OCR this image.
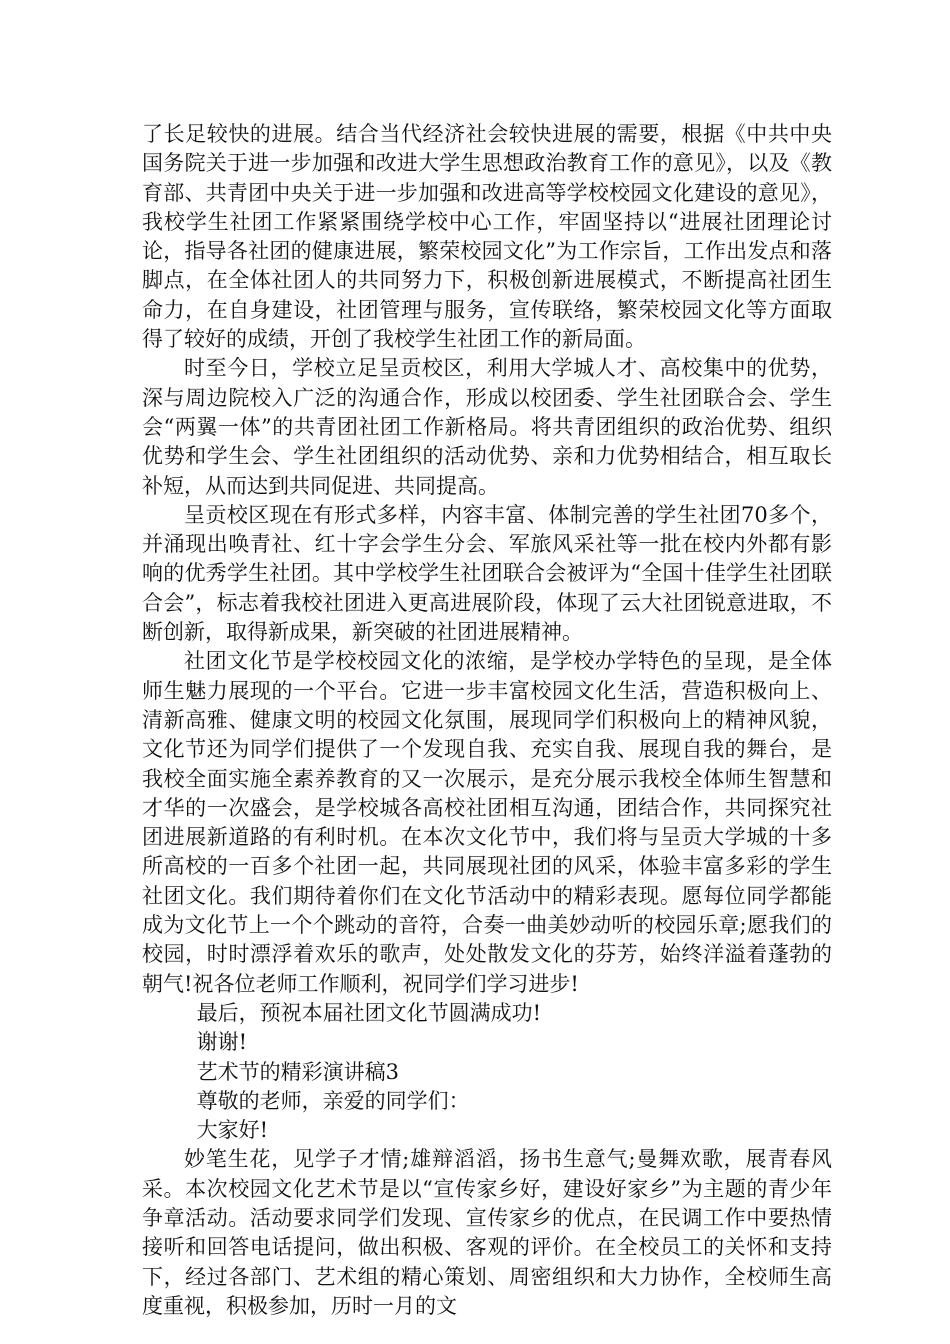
了长足较快的进展。结合当代经济社会较快进展的需要，根据《中共中央国务院关于进一步加强和改进大学生思想政治教育工作的意见》，以及《教育部、共青团中央关于进一步加强和改进高等学校校园文化建设的意见》，我校学生社团工作紧紧围绕学校中心工作，牢固坚持以“进展社团理论讨论，指导各社团的健康进展，繁荣校园文化”为工作宗旨，工作出发点和落脚点，在全体社团人的共同努力下，积极创新进展模式，不断提高社团生命力，在自身建设，社团管理与服务，宣传联络，繁荣校园文化等方面取得了较好的成绩，开创了我校学生社团工作的新局面。

时至今日，学校立足呈贡校区，利用大学城人才、高校集中的优势，深与周边院校入广泛的沟通合作，形成以校团委、学生社团联合会、学生会“两翼一体”的共青团社团工作新格局。将共青团组织的政治优势、组织优势和学生会、学生社团组织的活动优势、亲和力优势相结合，相互取长补短，从而达到共同促进、共同提高。

呈贡校区现在有形式多样，内容丰富、体制完善的学生社团70多个，并涌现出唤青社、红十字会学生分会、军旅风采社等一批在校内外都有影响的优秀学生社团。其中学校学生社团联合会被评为“全国十佳学生社团联合会”，标志着我校社团进入更高进展阶段，体现了云大社团锐意进取，不断创新，取得新成果，新突破的社团进展精神。

社团文化节是学校校园文化的浓缩，是学校办学特色的呈现，是全体师生魅力展现的一个平台。它进一步丰富校园文化生活，营造积极向上、清新高雅、健康文明的校园文化氛围，展现同学们积极向上的精神风貌，文化节还为同学们提供了一个发现自我、充实自我、展现自我的舞台，是我校全面实施全素养教育的又一次展示，是充分展示我校全体师生智慧和才华的一次盛会，是学校城各高校社团相互沟通，团结合作，共同探究社团进展新道路的有利时机。在本次文化节中，我们将与呈贡大学城的十多所高校的一百多个社团一起，共同展现社团的风采，体验丰富多彩的学生社团文化。我们期待着你们在文化节活动中的精彩表现。愿每位同学都能成为文化节上一个个跳动的音符，合奏一曲美妙动听的校园乐章;愿我们的校园，时时漂浮着欢乐的歌声，处处散发文化的芬芳，始终洋溢着蓬勃的朝气!祝各位老师工作顺利，祝同学们学习进步!

最后，预祝本届社团文化节圆满成功!

谢谢!

艺术节的精彩演讲稿3

尊敬的老师，亲爱的同学们：

大家好!

妙笔生花，见学子才情;雄辩滔滔，扬书生意气;曼舞欢歌，展青春风采。本次校园文化艺术节是以“宣传家乡好，建设好家乡”为主题的青少年争章活动。活动要求同学们发现、宣传家乡的优点，在民调工作中要热情接听和回答电话提问，做出积极、客观的评价。在全校员工的关怀和支持下，经过各部门、艺术组的精心策划、周密组织和大力协作，全校师生高度重视，积极参加，历时一月的文
